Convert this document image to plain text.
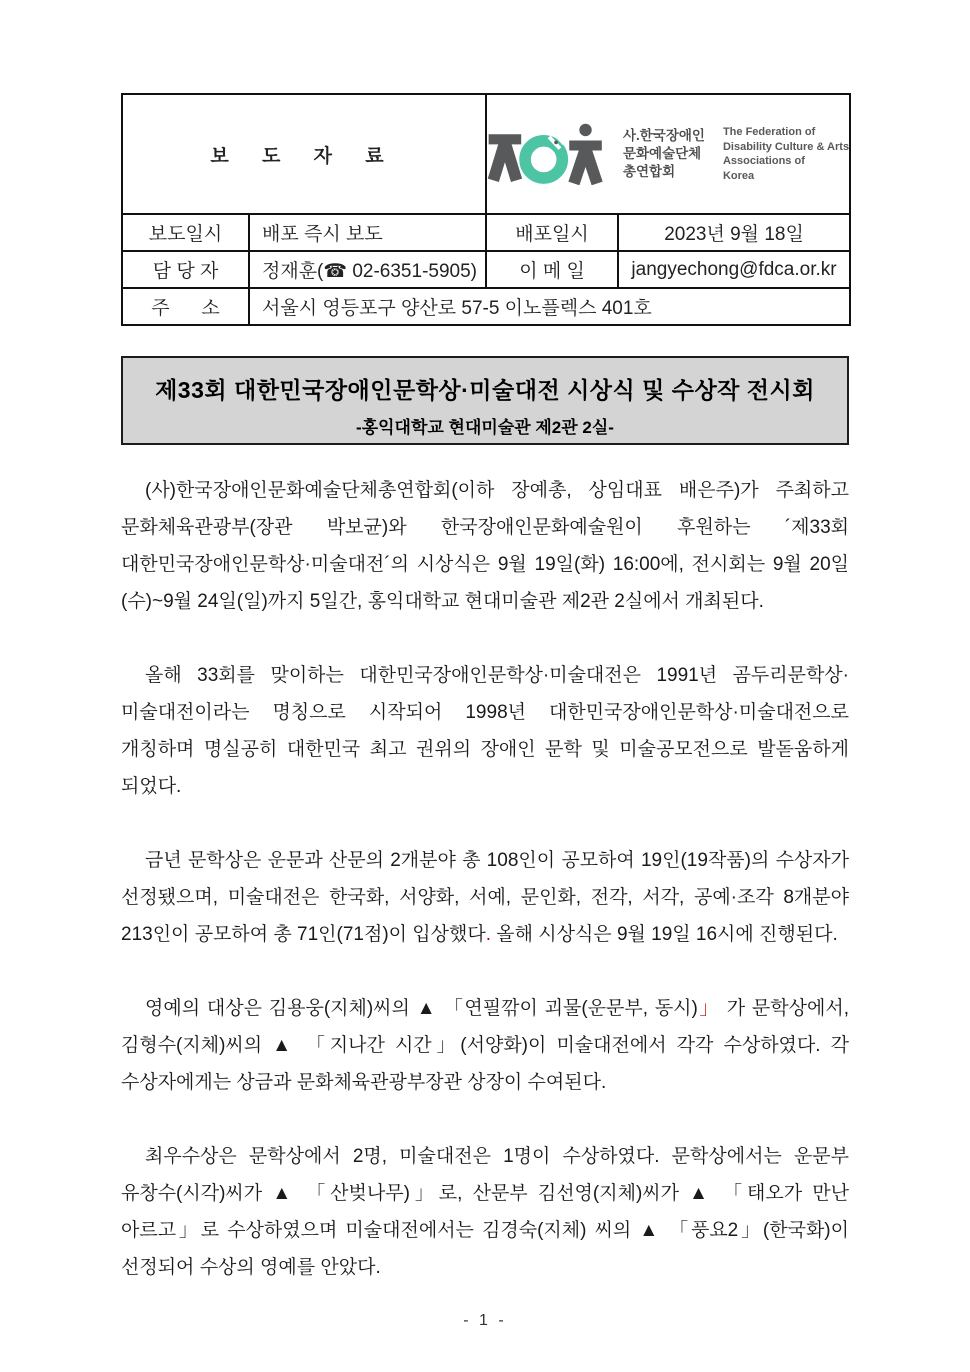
보 도 자 료	
사.한국장애인
문화예술단체
총연합회
The Federation of
Disability Culture & Arts
Associations of
Korea

보도일시	배포 즉시 보도	배포일시	2023년 9월 18일
담 당 자	정재훈(☎ 02-6351-5905)	이 메 일	jangyechong@fdca.or.kr
주      소	서울시 영등포구 양산로 57-5 이노플렉스 401호		
제33회 대한민국장애인문학상·미술대전 시상식 및 수상작 전시회
-홍익대학교 현대미술관 제2관 2실-

(사)한국장애인문화예술단체총연합회(이하 장예총, 상임대표 배은주)가 주최하고 문화체육관광부(장관 박보균)와 한국장애인문화예술원이 후원하는 ´제33회 대한민국장애인문학상·미술대전´의 시상식은 9월 19일(화) 16:00에, 전시회는 9월 20일(수)~9월 24일(일)까지 5일간, 홍익대학교 현대미술관 제2관 2실에서 개최된다.

올해 33회를 맞이하는 대한민국장애인문학상·미술대전은 1991년 곰두리문학상·미술대전이라는 명칭으로 시작되어 1998년 대한민국장애인문학상·미술대전으로 개칭하며 명실공히 대한민국 최고 권위의 장애인 문학 및 미술공모전으로 발돋움하게 되었다.

금년 문학상은 운문과 산문의 2개분야 총 108인이 공모하여 19인(19작품)의 수상자가 선정됐으며, 미술대전은 한국화, 서양화, 서예, 문인화, 전각, 서각, 공예·조각 8개분야 213인이 공모하여 총 71인(71점)이 입상했다. 올해 시상식은 9월 19일 16시에 진행된다.

영예의 대상은 김용웅(지체)씨의 ▲ 「연필깎이 괴물(운문부, 동시)」 가 문학상에서, 김형수(지체)씨의 ▲ 「지나간 시간」(서양화)이 미술대전에서 각각 수상하였다. 각 수상자에게는 상금과 문화체육관광부장관 상장이 수여된다.

최우수상은 문학상에서 2명, 미술대전은 1명이 수상하였다. 문학상에서는 운문부 유창수(시각)씨가 ▲ 「산벚나무)」로, 산문부 김선영(지체)씨가 ▲ 「태오가 만난 아르고」로 수상하였으며 미술대전에서는 김경숙(지체) 씨의 ▲ 「풍요2」(한국화)이 선정되어 수상의 영예를 안았다.

- 1 -
